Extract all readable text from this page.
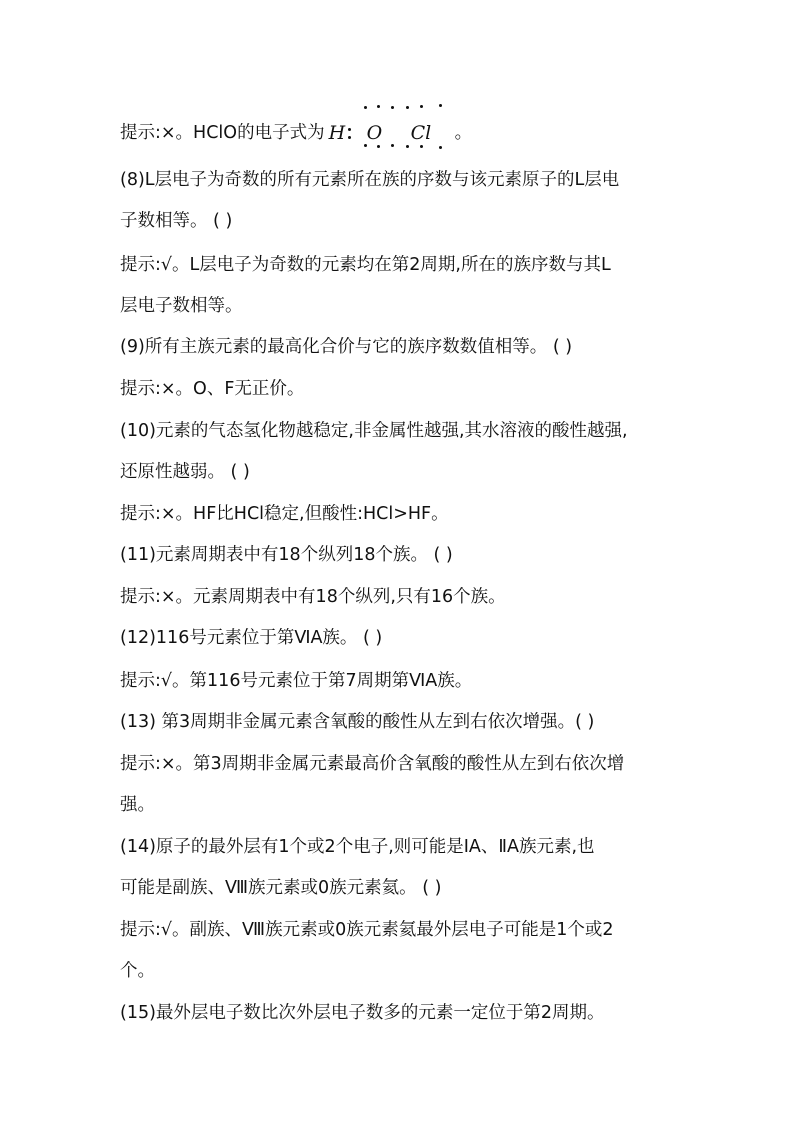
提示:×。HClO的电子式为 H O Cl 。
(8)L层电子为奇数的所有元素所在族的序数与该元素原子的L层电
子数相等。 ( )
提示:√。L层电子为奇数的元素均在第2周期,所在的族序数与其L
层电子数相等。
(9)所有主族元素的最高化合价与它的族序数数值相等。 ( )
提示:×。O、F无正价。
(10)元素的气态氢化物越稳定,非金属性越强,其水溶液的酸性越强,
还原性越弱。 ( )
提示:×。HF比HCl稳定,但酸性:HCl>HF。
(11)元素周期表中有18个纵列18个族。 ( )
提示:×。元素周期表中有18个纵列,只有16个族。
(12)116号元素位于第ⅥA族。 ( )
提示:√。第116号元素位于第7周期第ⅥA族。
(13) 第3周期非金属元素含氧酸的酸性从左到右依次增强。( )
提示:×。第3周期非金属元素最高价含氧酸的酸性从左到右依次增
强。
(14)原子的最外层有1个或2个电子,则可能是ⅠA、ⅡA族元素,也
可能是副族、Ⅷ族元素或0族元素氦。 ( )
提示:√。副族、Ⅷ族元素或0族元素氦最外层电子可能是1个或2
个。
(15)最外层电子数比次外层电子数多的元素一定位于第2周期。
